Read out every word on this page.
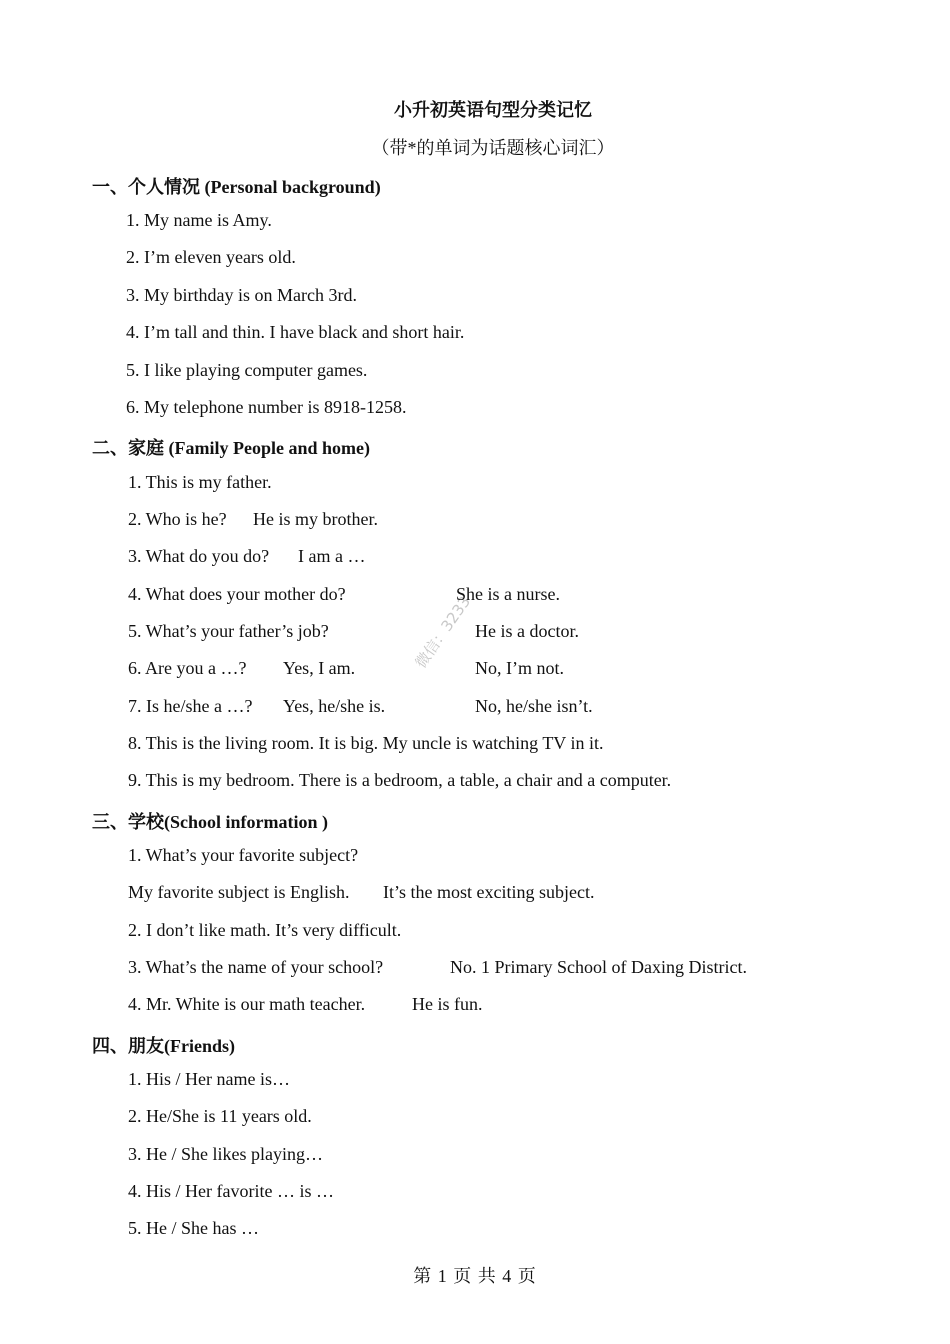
小升初英语句型分类记忆
（带*的单词为话题核心词汇）
微信：3233
一、个人情况 (Personal background)
1. My name is Amy.
2. I’m eleven years old.
3. My birthday is on March 3rd.
4. I’m tall and thin. I have black and short hair.
5. I like playing computer games.
6. My telephone number is 8918-1258.
二、家庭 (Family People and home)
1. This is my father.
2. Who is he? He is my brother.
3. What do you do? I am a …
4. What does your mother do?	She is a nurse.
5. What’s your father’s job?	He is a doctor.
6. Are you a …? Yes, I am.	No, I’m not.
7. Is he/she a …? Yes, he/she is.	No, he/she isn’t.
8. This is the living room. It is big. My uncle is watching TV in it.
9. This is my bedroom. There is a bedroom, a table, a chair and a computer.
三、学校(School information )
1. What’s your favorite subject?
My favorite subject is English. It’s the most exciting subject.
2. I don’t like math. It’s very difficult.
3. What’s the name of your school?	No. 1 Primary School of Daxing District.
4. Mr. White is our math teacher.	He is fun.
四、朋友(Friends)
1. His / Her name is…
2. He/She is 11 years old.
3. He / She likes playing…
4. His / Her favorite … is …
5. He / She has …
第 1 页 共 4 页
